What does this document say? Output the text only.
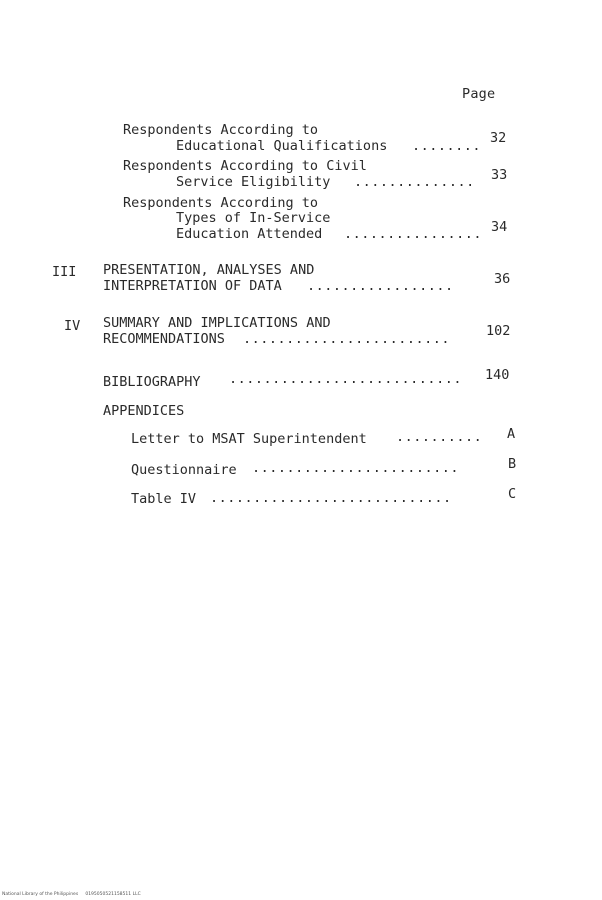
Page
Respondents According to
Educational Qualifications ........ 32
Respondents According to Civil
Service Eligibility .............. 33
Respondents According to
Types of In-Service
Education Attended ................ 34
III PRESENTATION, ANALYSES AND
INTERPRETATION OF DATA .................	36
IV SUMMARY AND IMPLICATIONS AND
RECOMMENDATIONS ........................	102
BIBLIOGRAPHY ........................... 140
APPENDICES
Letter to MSAT Superintendent .......... A
Questionnaire ........................	B
Table IV ............................	C
National Library of the Philippines     0195050521158511 LLC
